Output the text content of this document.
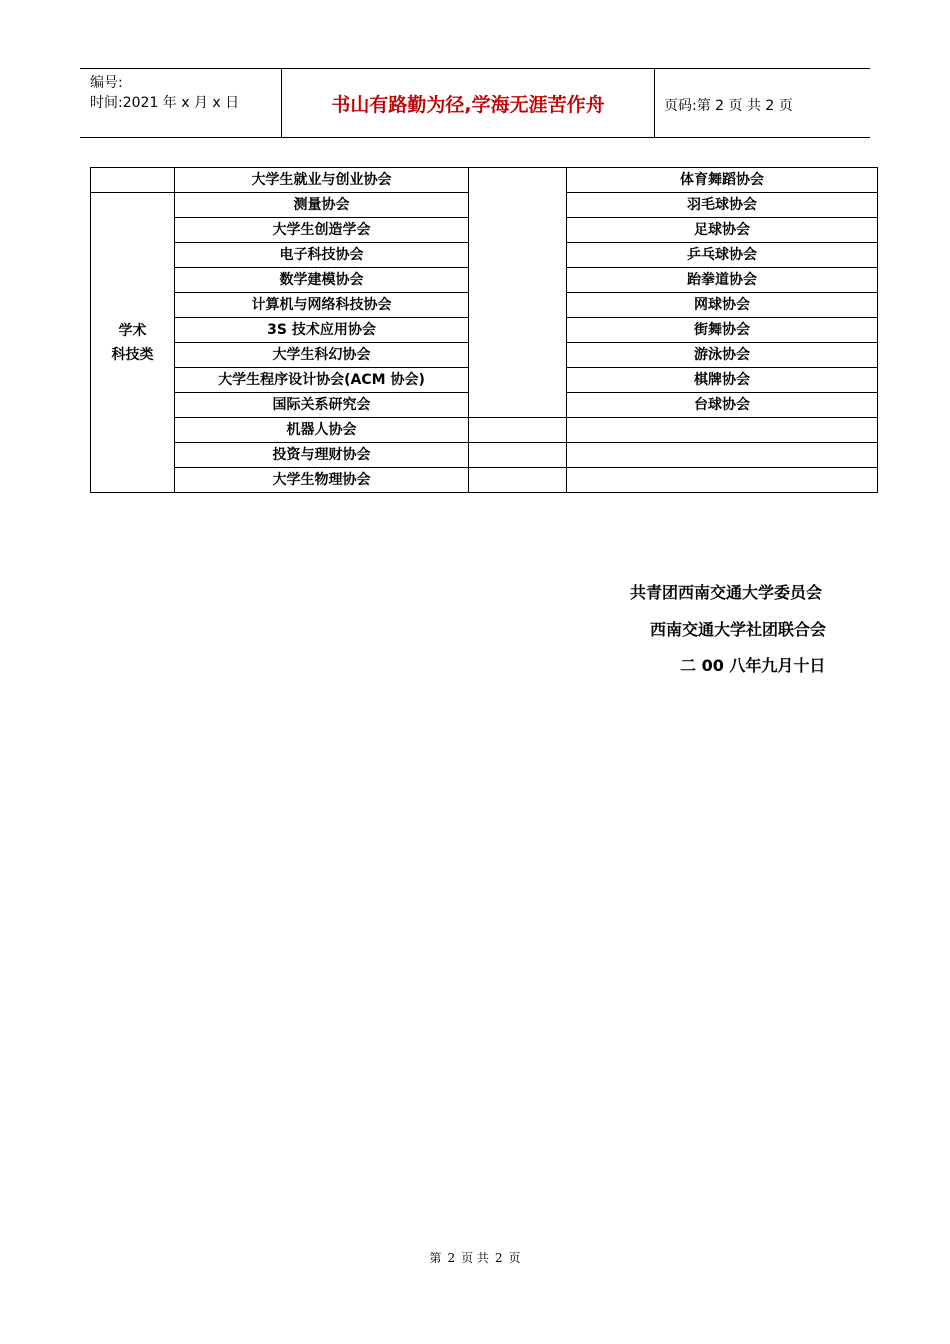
编号:
时间:2021 年 x 月 x 日	书山有路勤为径,学海无涯苦作舟	页码:第 2 页 共 2 页
	大学生就业与创业协会		体育舞蹈协会

学术
科技类	测量协会		羽毛球协会
	大学生创造学会		足球协会
	电子科技协会		乒乓球协会
	数学建模协会		跆拳道协会
	计算机与网络科技协会		网球协会
	3S 技术应用协会		街舞协会
	大学生科幻协会		游泳协会
	大学生程序设计协会(ACM 协会)		棋牌协会
	国际关系研究会		台球协会
	机器人协会		
	投资与理财协会		
	大学生物理协会		
共青团西南交通大学委员会
西南交通大学社团联合会
二 00 八年九月十日
第 2 页 共 2 页
